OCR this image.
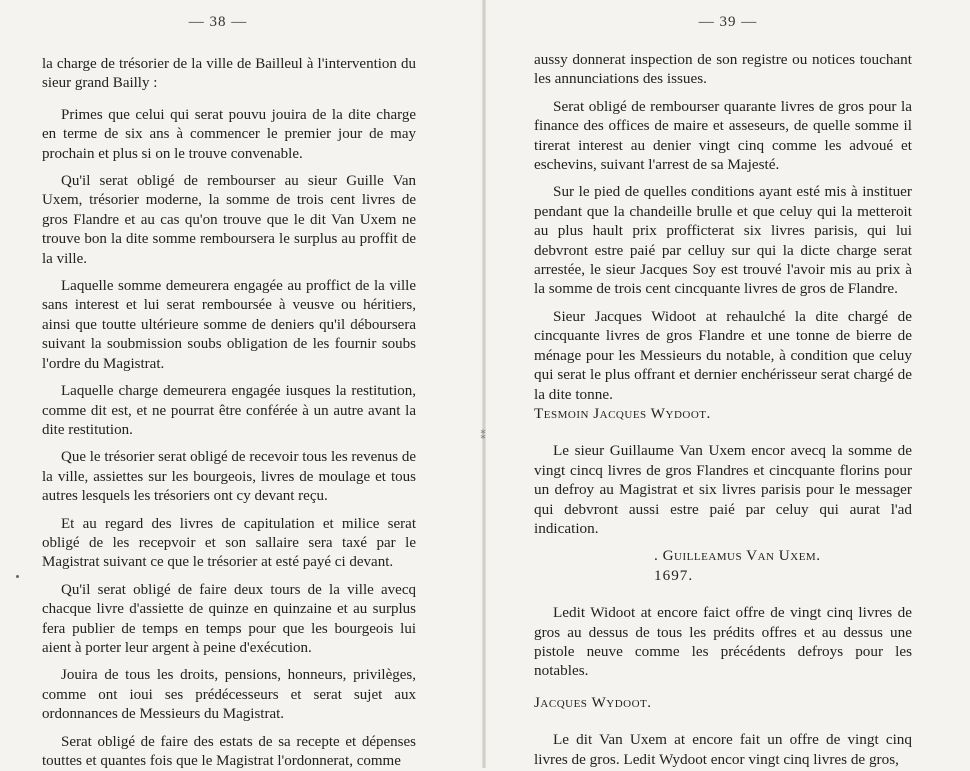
— 38 —

la charge de trésorier de la ville de Bailleul à l'intervention du sieur grand Bailly :

Primes que celui qui serat pouvu jouira de la dite charge en terme de six ans à commencer le premier jour de may prochain et plus si on le trouve convenable.

Qu'il serat obligé de rembourser au sieur Guille Van Uxem, trésorier moderne, la somme de trois cent livres de gros Flandre et au cas qu'on trouve que le dit Van Uxem ne trouve bon la dite somme remboursera le surplus au proffit de la ville.

Laquelle somme demeurera engagée au proffict de la ville sans interest et lui serat remboursée à veusve ou héritiers, ainsi que toutte ultérieure somme de deniers qu'il déboursera suivant la soubmission soubs obligation de les fournir soubs l'ordre du Magistrat.

Laquelle charge demeurera engagée iusques la restitution, comme dit est, et ne pourrat être conférée à un autre avant la dite restitution.

Que le trésorier serat obligé de recevoir tous les revenus de la ville, assiettes sur les bourgeois, livres de moulage et tous autres lesquels les trésoriers ont cy devant reçu.

Et au regard des livres de capitulation et milice serat obligé de les recepvoir et son sallaire sera taxé par le Magistrat suivant ce que le trésorier at esté payé ci devant.

Qu'il serat obligé de faire deux tours de la ville avecq chacque livre d'assiette de quinze en quinzaine et au surplus fera publier de temps en temps pour que les bourgeois lui aient à porter leur argent à peine d'exécution.

Jouira de tous les droits, pensions, honneurs, privilèges, comme ont ioui ses prédécesseurs et serat sujet aux ordonnances de Messieurs du Magistrat.

Serat obligé de faire des estats de sa recepte et dépenses touttes et quantes fois que le Magistrat l'ordonnerat, comme

⁑
— 39 —

aussy donnerat inspection de son registre ou notices touchant les annunciations des issues.

Serat obligé de rembourser quarante livres de gros pour la finance des offices de maire et asseseurs, de quelle somme il tirerat interest au denier vingt cinq comme les advoué et eschevins, suivant l'arrest de sa Majesté.

Sur le pied de quelles conditions ayant esté mis à instituer pendant que la chandeille brulle et que celuy qui la metteroit au plus hault prix profficterat six livres parisis, qui lui debvront estre paié par celluy sur qui la dicte charge serat arrestée, le sieur Jacques Soy est trouvé l'avoir mis au prix à la somme de trois cent cincquante livres de gros de Flandre.

Sieur Jacques Widoot at rehaulché la dite chargé de cincquante livres de gros Flandre et une tonne de bierre de ménage pour les Messieurs du notable, à condition que celuy qui serat le plus offrant et dernier enchérisseur serat chargé de la dite tonne.

Tesmoin Jacques Wydoot.

Le sieur Guillaume Van Uxem encor avecq la somme de vingt cincq livres de gros Flandres et cincquante florins pour un defroy au Magistrat et six livres parisis pour le messager qui debvront aussi estre paié par celuy qui aurat l'ad indication.

. Guilleamus Van Uxem.

1697.

Ledit Widoot at encore faict offre de vingt cinq livres de gros au dessus de tous les prédits offres et au dessus une pistole neuve comme les précédents defroys pour les notables.

Jacques Wydoot.

Le dit Van Uxem at encore fait un offre de vingt cinq livres de gros. Ledit Wydoot encor vingt cinq livres de gros,
